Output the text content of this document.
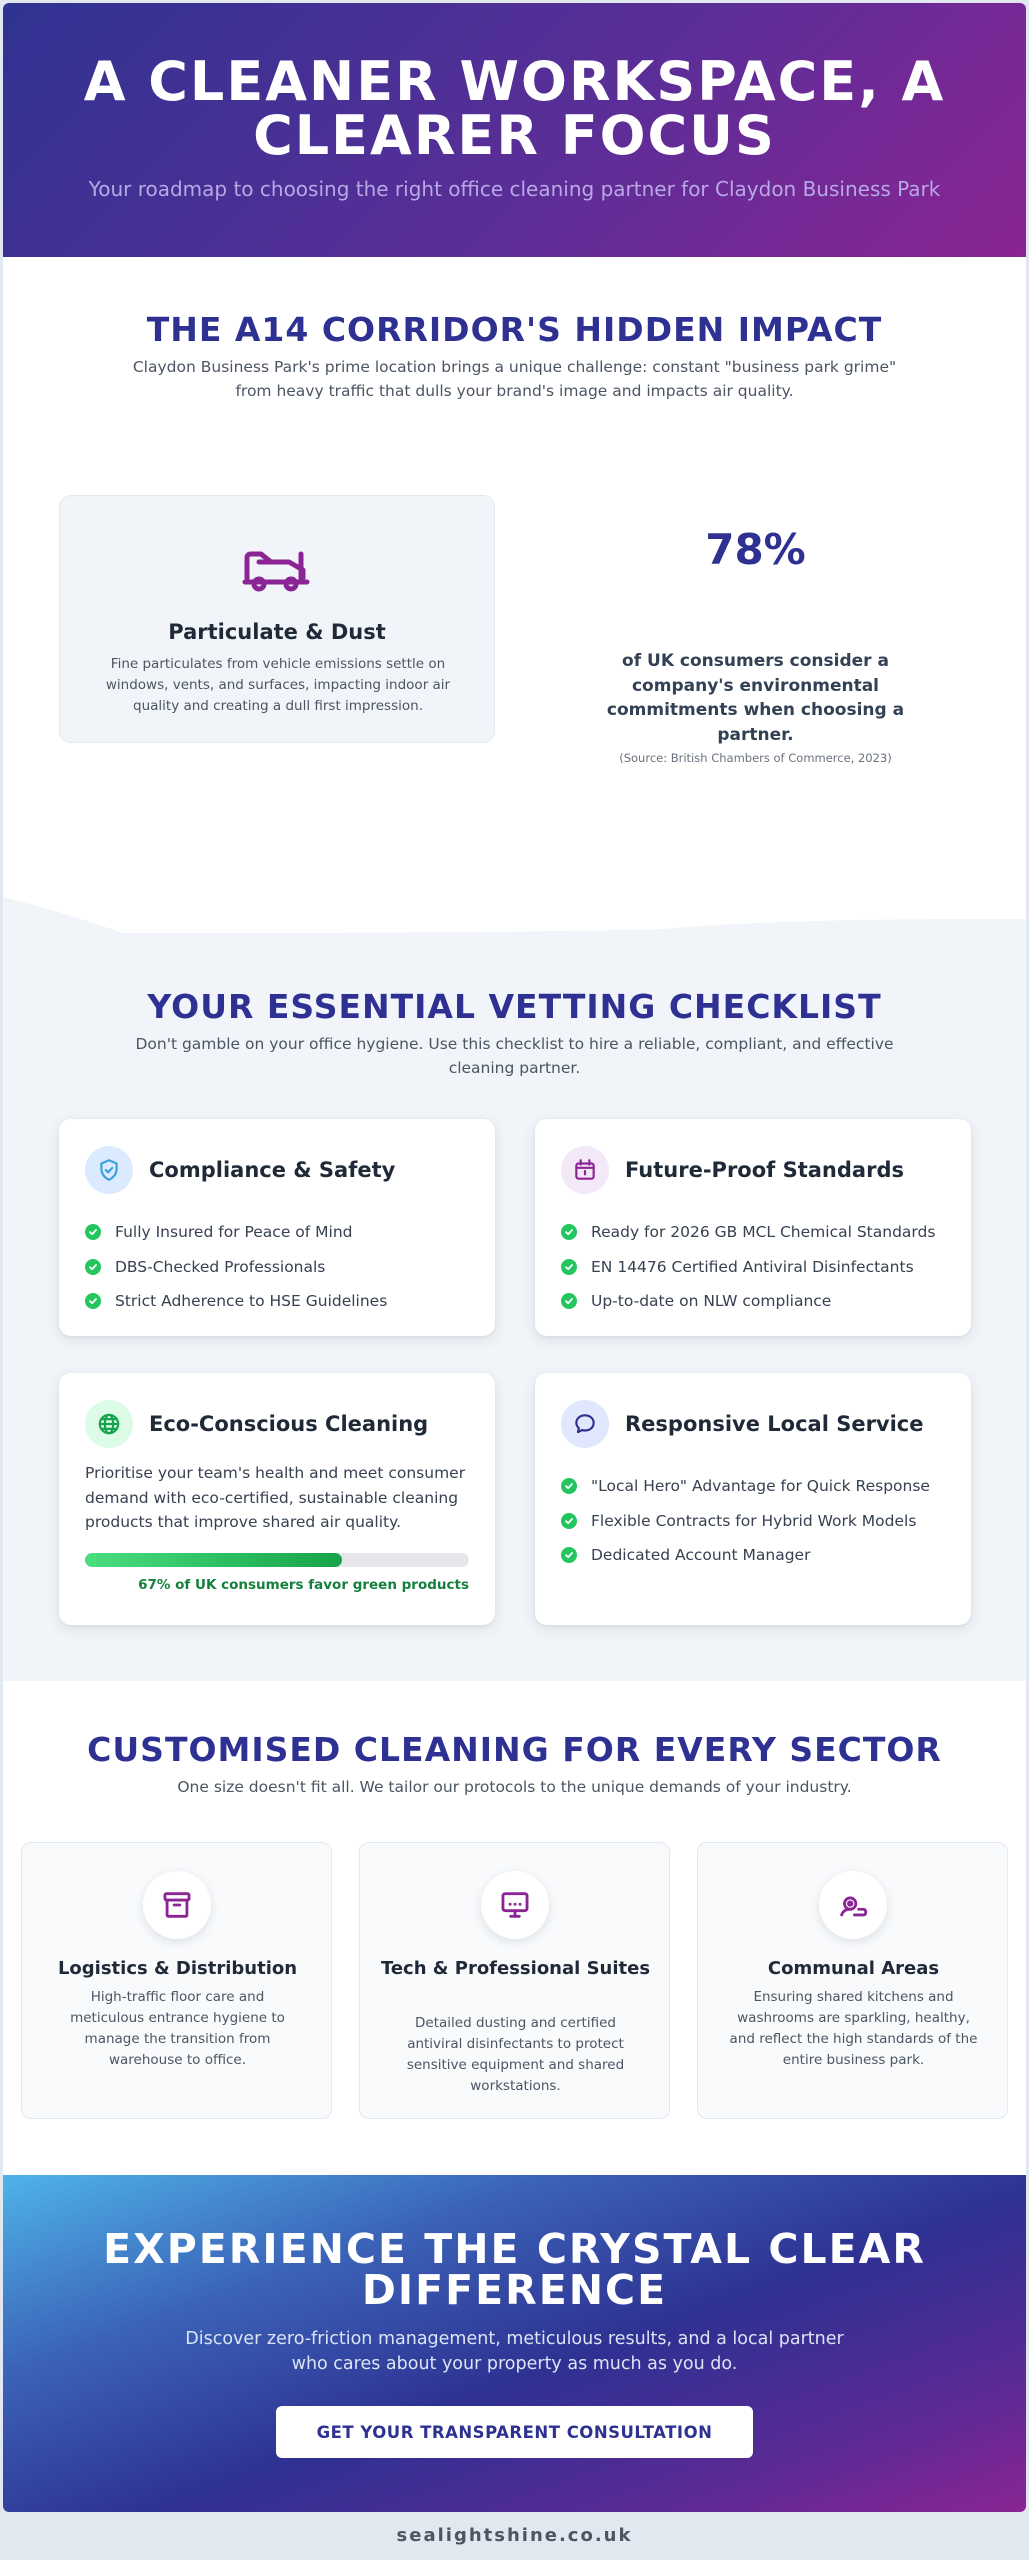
A CLEANER WORKSPACE, A
CLEARER FOCUS

Your roadmap to choosing the right office cleaning partner for Claydon Business Park

THE A14 CORRIDOR'S HIDDEN IMPACT

Claydon Business Park's prime location brings a unique challenge: constant "business park grime"
from heavy traffic that dulls your brand's image and impacts air quality.

Particulate & Dust

Fine particulates from vehicle emissions settle on windows, vents, and surfaces, impacting indoor air quality and creating a dull first impression.

78%

of UK consumers consider a company's environmental commitments when choosing a partner.

(Source: British Chambers of Commerce, 2023)

YOUR ESSENTIAL VETTING CHECKLIST

Don't gamble on your office hygiene. Use this checklist to hire a reliable, compliant, and effective
cleaning partner.

Compliance & Safety
Fully Insured for Peace of Mind
DBS-Checked Professionals
Strict Adherence to HSE Guidelines
Future-Proof Standards
Ready for 2026 GB MCL Chemical Standards
EN 14476 Certified Antiviral Disinfectants
Up-to-date on NLW compliance
Eco-Conscious Cleaning

Prioritise your team's health and meet consumer demand with eco-certified, sustainable cleaning products that improve shared air quality.

67% of UK consumers favor green products
Responsive Local Service
"Local Hero" Advantage for Quick Response
Flexible Contracts for Hybrid Work Models
Dedicated Account Manager
CUSTOMISED CLEANING FOR EVERY SECTOR

One size doesn't fit all. We tailor our protocols to the unique demands of your industry.

Logistics & Distribution

High-traffic floor care and meticulous entrance hygiene to manage the transition from warehouse to office.

Tech & Professional Suites

Detailed dusting and certified antiviral disinfectants to protect sensitive equipment and shared workstations.

Communal Areas

Ensuring shared kitchens and washrooms are sparkling, healthy, and reflect the high standards of the entire business park.

EXPERIENCE THE CRYSTAL CLEAR
DIFFERENCE

Discover zero-friction management, meticulous results, and a local partner who cares about your property as much as you do.

GET YOUR TRANSPARENT CONSULTATION
sealightshine.co.uk
